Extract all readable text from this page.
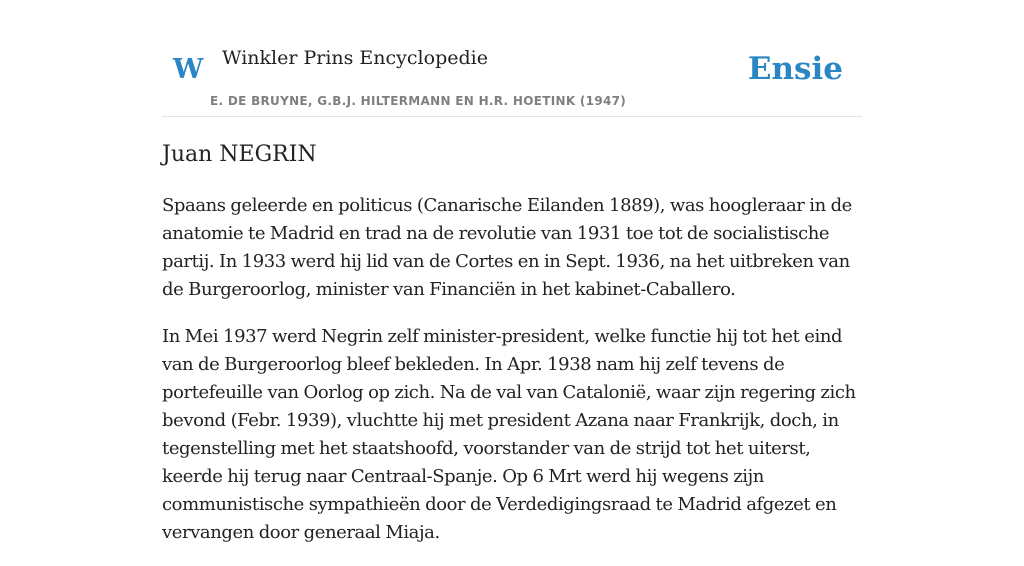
W Winkler Prins Encyclopedie
E. DE BRUYNE, G.B.J. HILTERMANN EN H.R. HOETINK (1947)
Ensie
Juan NEGRIN

Spaans geleerde en politicus (Canarische Eilanden 1889), was hoogleraar in de anatomie te Madrid en trad na de revolutie van 1931 toe tot de socialistische partij. In 1933 werd hij lid van de Cortes en in Sept. 1936, na het uitbreken van de Burgeroorlog, minister van Financiën in het kabinet-Caballero.

In Mei 1937 werd Negrin zelf minister-president, welke functie hij tot het eind van de Burgeroorlog bleef bekleden. In Apr. 1938 nam hij zelf tevens de portefeuille van Oorlog op zich. Na de val van Catalonië, waar zijn regering zich bevond (Febr. 1939), vluchtte hij met president Azana naar Frankrijk, doch, in tegenstelling met het staatshoofd, voorstander van de strijd tot het uiterst, keerde hij terug naar Centraal-Spanje. Op 6 Mrt werd hij wegens zijn communistische sympathieën door de Verdedigingsraad te Madrid afgezet en vervangen door generaal Miaja.
